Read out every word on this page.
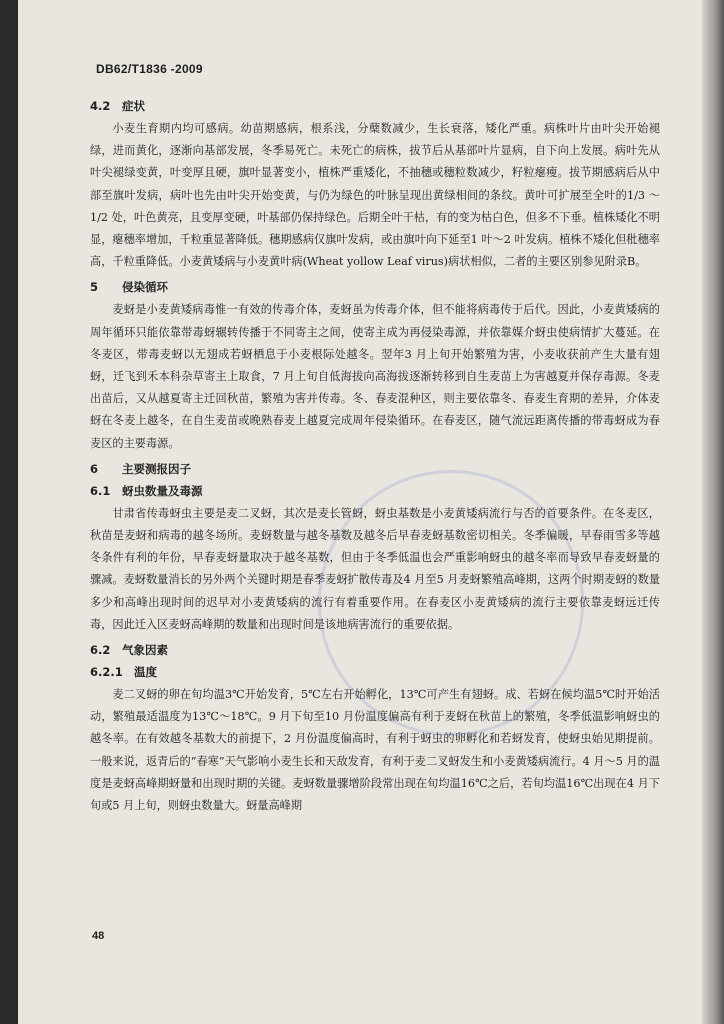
DB62/T1836 -2009
4.2 症状

小麦生育期内均可感病。幼苗期感病，根系浅，分蘖数减少，生长衰落，矮化严重。病株叶片由叶尖开始褪绿，进而黄化，逐渐向基部发展，冬季易死亡。未死亡的病株，拔节后从基部叶片显病，自下向上发展。病叶先从叶尖褪绿变黄，叶变厚且硬，旗叶显著变小，植株严重矮化，不抽穗或穗粒数减少，籽粒瘪瘦。拔节期感病后从中部至旗叶发病，病叶也先由叶尖开始变黄，与仍为绿色的叶脉呈现出黄绿相间的条纹。黄叶可扩展至全叶的1/3 ～1/2 处，叶色黄亮，且变厚变硬，叶基部仍保持绿色。后期全叶干枯，有的变为枯白色，但多不下垂。植株矮化不明显，瘪穗率增加，千粒重显著降低。穗期感病仅旗叶发病，或由旗叶向下延至1 叶～2 叶发病。植株不矮化但秕穗率高，千粒重降低。小麦黄矮病与小麦黄叶病(Wheat yollow Leaf virus)病状相似，二者的主要区别参见附录B。

5 侵染循环

麦蚜是小麦黄矮病毒惟一有效的传毒介体，麦蚜虽为传毒介体，但不能将病毒传于后代。因此，小麦黄矮病的周年循环只能依靠带毒蚜辗转传播于不同寄主之间，使寄主成为再侵染毒源，并依靠媒介蚜虫使病情扩大蔓延。在冬麦区，带毒麦蚜以无翅成若蚜栖息于小麦根际处越冬。翌年3 月上旬开始繁殖为害，小麦收获前产生大量有翅蚜，迁飞到禾本科杂草寄主上取食，7 月上旬自低海拔向高海拔逐渐转移到自生麦苗上为害越夏并保存毒源。冬麦出苗后，又从越夏寄主迁回秋苗，繁殖为害并传毒。冬、春麦混种区，则主要依靠冬、春麦生育期的差异，介体麦蚜在冬麦上越冬，在自生麦苗或晚熟春麦上越夏完成周年侵染循环。在春麦区，随气流远距离传播的带毒蚜成为春麦区的主要毒源。

6 主要测报因子
6.1 蚜虫数量及毒源

甘肃省传毒蚜虫主要是麦二叉蚜，其次是麦长管蚜，蚜虫基数是小麦黄矮病流行与否的首要条件。在冬麦区，秋苗是麦蚜和病毒的越冬场所。麦蚜数量与越冬基数及越冬后早春麦蚜基数密切相关。冬季偏暖，早春雨雪多等越冬条件有利的年份，早春麦蚜量取决于越冬基数，但由于冬季低温也会严重影响蚜虫的越冬率而导致早春麦蚜量的骤减。麦蚜数量消长的另外两个关键时期是春季麦蚜扩散传毒及4 月至5 月麦蚜繁殖高峰期，这两个时期麦蚜的数量多少和高峰出现时间的迟早对小麦黄矮病的流行有着重要作用。在春麦区小麦黄矮病的流行主要依靠麦蚜远迁传毒，因此迁入区麦蚜高峰期的数量和出现时间是该地病害流行的重要依据。

6.2 气象因素
6.2.1 温度

麦二叉蚜的卵在旬均温3℃开始发育，5℃左右开始孵化，13℃可产生有翅蚜。成、若蚜在候均温5℃时开始活动，繁殖最适温度为13℃～18℃。9 月下旬至10 月份温度偏高有利于麦蚜在秋苗上的繁殖，冬季低温影响蚜虫的越冬率。在有效越冬基数大的前提下，2 月份温度偏高时，有利于蚜虫的卵孵化和若蚜发育，使蚜虫始见期提前。一般来说，返青后的“春寒”天气影响小麦生长和天敌发育，有利于麦二叉蚜发生和小麦黄矮病流行。4 月～5 月的温度是麦蚜高峰期蚜量和出现时期的关键。麦蚜数量骤增阶段常出现在旬均温16℃之后，若旬均温16℃出现在4 月下旬或5 月上旬，则蚜虫数量大。蚜量高峰期

48
